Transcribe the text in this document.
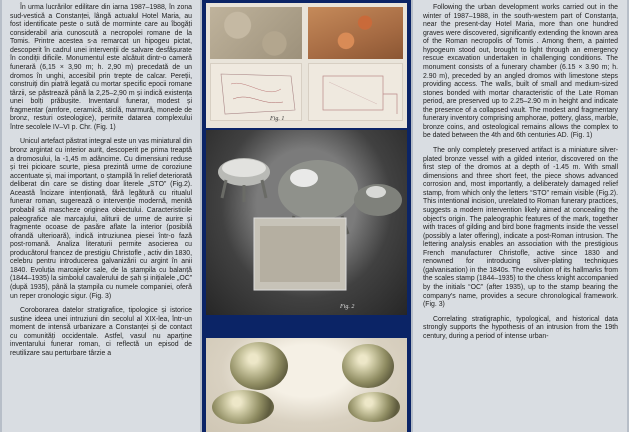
În urma lucrărilor edilitare din iarna 1987–1988, în zona sud-vestică a Constanței, lângă actualul Hotel Maria, au fost identificate peste o sută de morminte care au îbogăți considerabil aria cunoscută a necropolei romane de la Tomis. Printre acestea s-a remarcat un hipogeu pictat, descoperit în cadrul unei intervenții de salvare desfășurate în condiții dificile. Monumentul este alcătuit dintr-o cameră funerară (6,15 × 3,90 m; h. 2,90 m) precedată de un dromos în unghi, accesibil prin trepte de calcar. Pereții, construiți din piatră legată cu mortar specific epocii romane târzii, se păstrează până la 2,25–2,90 m și indică existența unei bolți prăbușite. Inventarul funerar, modest și fragmentar (amfore, ceramică, sticlă, marmură, monede de bronz, resturi osteologice), permite datarea complexului între secolele IV–VI p. Chr. (Fig. 1)

Unicul artefact păstrat integral este un vas miniatural din bronz argintat cu interior aurit, descoperit pe prima treaptă a dromosului, la -1,45 m adâncime. Cu dimensiuni reduse și trei picioare scurte, piesa prezintă urme de coroziune accentuate și, mai important, o ștampilă în relief deteriorată deliberat din care se disting doar literele „STO” (Fig.2). Această încizare intenționată, fără legătură cu ritualul funerar roman, sugerează o intervenție modernă, menită probabil să mascheze originea obiectului. Caracteristicile paleografice ale marcajului, aliturii de urme de aurire și fragmente ocoase de pasăre aflate la interior (posibilă ofrandă ulterioară), indică intruziunea piesei într-o fază post-romană. Analiza literaturii permite asocierea cu producătorul francez de prestigiu Christofle , activ din 1830, celebru pentru introducerea galvanizării cu argint în anii 1840. Evoluția marcajelor sale, de la ștampila cu balanță (1844–1935) la simbolul cavalerului de șah și inițialele „OC” (după 1935), până la ștampila cu numele companiei, oferă un reper cronologic sigur. (Fig. 3)

Coroborarea datelor stratigrafice, tipologice și istorice susține ideea unei intruziuni din secolul al XIX-lea, într-un moment de intensă urbanizare a Constanței și de contact cu comunități occidentale. Astfel, vasul nu aparține inventarului funerar roman, ci reflectă un episod de reutilizare sau perturbare târzie a

Fig. 1
Fig. 2

Following the urban development works carried out in the winter of 1987–1988, in the south-western part of Constanța, near the present-day Hotel Maria, more than one hundred graves were discovered, significantly extending the known area of the Roman necropolis of Tomis . Among them, a painted hypogeum stood out, brought to light through an emergency rescue excavation undertaken in challenging conditions. The monument consists of a funerary chamber (6.15 × 3.90 m; h. 2.90 m), preceded by an angled dromos with limestone steps providing access. The walls, built of small and medium-sized stones bonded with mortar characteristic of the Late Roman period, are preserved up to 2.25–2.90 m in height and indicate the presence of a collapsed vault. The modest and fragmentary funerary inventory comprising amphorae, pottery, glass, marble, bronze coins, and osteological remains allows the complex to be dated between the 4th and 6th centuries AD. (Fig. 1)

The only completely preserved artifact is a miniature silver-plated bronze vessel with a gilded interior, discovered on the first step of the dromos at a depth of -1.45 m. With small dimensions and three short feet, the piece shows advanced corrosion and, most importantly, a deliberately damaged relief stamp, from which only the letters “STO” remain visible (Fig.2). This intentional incision, unrelated to Roman funerary practices, suggests a modern intervention likely aimed at concealing the object's origin. The paleographic features of the mark, together with traces of gilding and bird bone fragments inside the vessel (possibly a later offering), indicate a post-Roman intrusion. The lettering analysis enables an association with the prestigious French manufacturer Christofle, active since 1830 and renowned for introducing silver-plating techniques (galvanisation) in the 1840s. The evolution of its hallmarks from the scales stamp (1844–1935) to the chess knight accompanied by the initials “OC” (after 1935), up to the stamp bearing the company's name, provides a secure chronological framework. (Fig. 3)

Correlating stratigraphic, typological, and historical data strongly supports the hypothesis of an intrusion from the 19th century, during a period of intense urban-
